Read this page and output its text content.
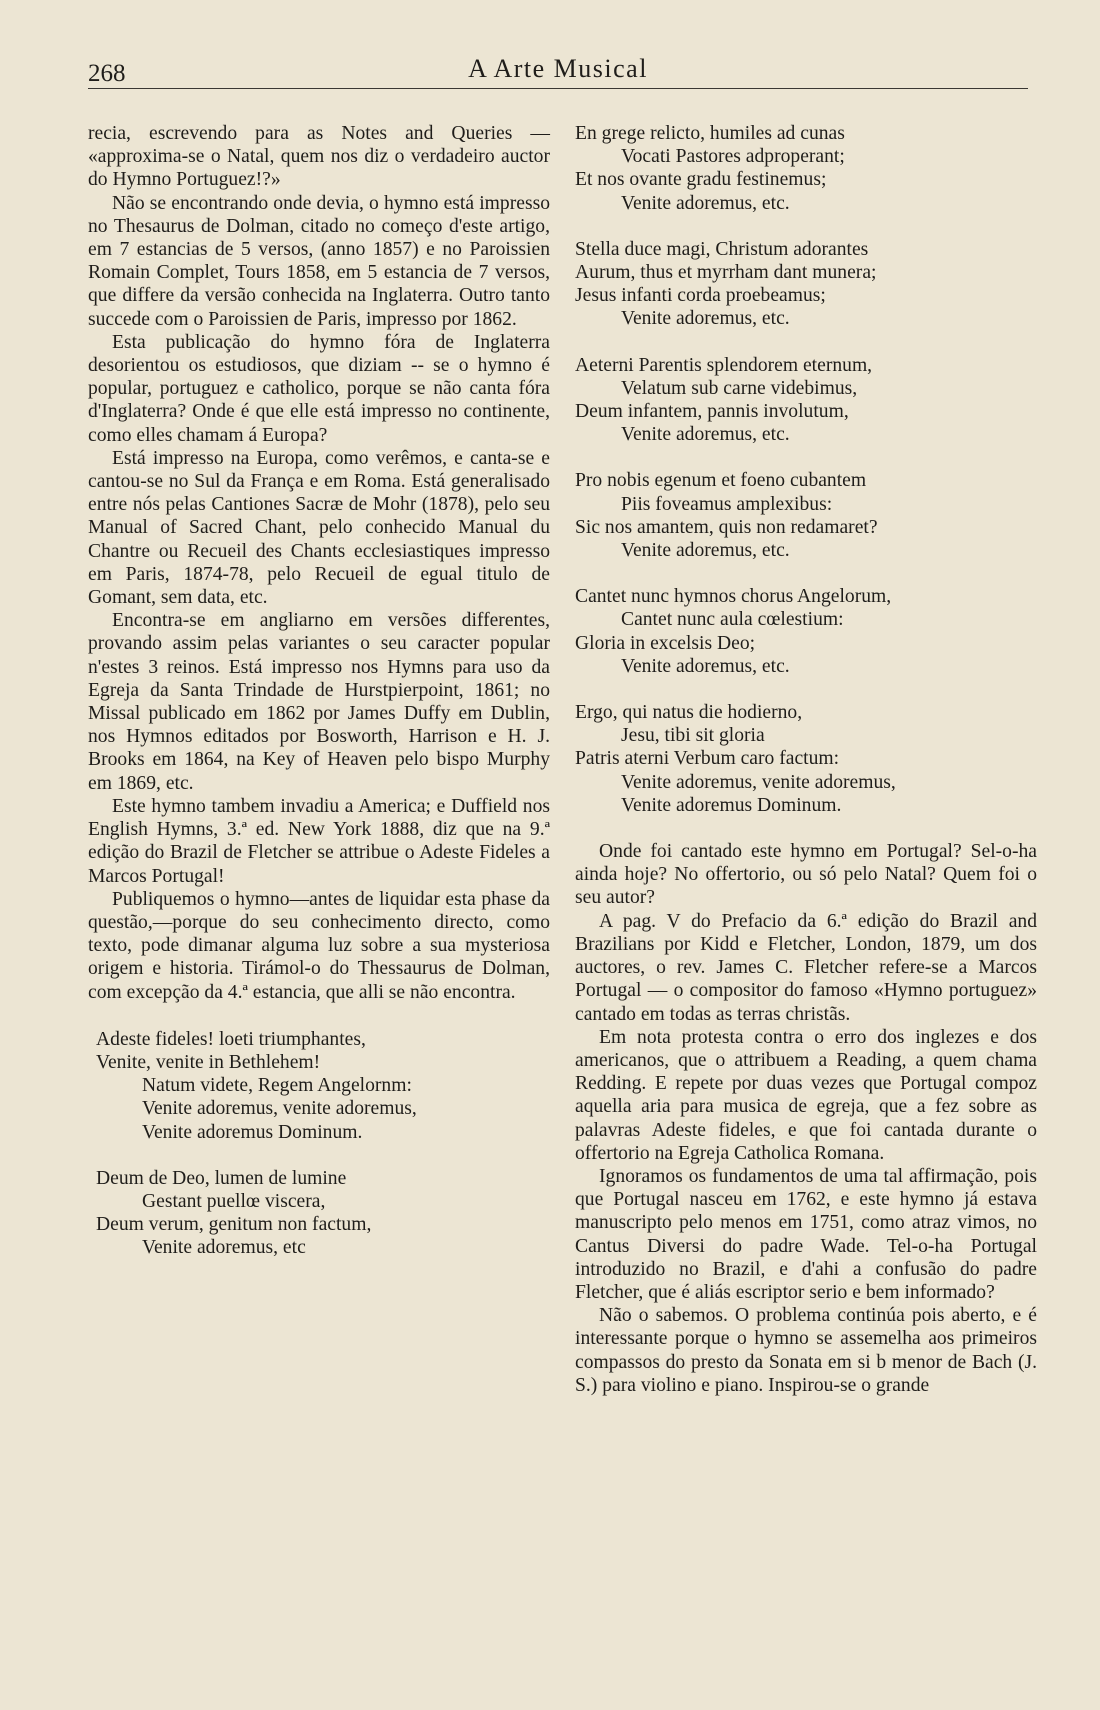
268	A Arte Musical

recia, escrevendo para as Notes and Queries — «approxima-se o Natal, quem nos diz o verdadeiro auctor do Hymno Portuguez!?»

Não se encontrando onde devia, o hymno está impresso no Thesaurus de Dolman, citado no começo d'este artigo, em 7 estancias de 5 versos, (anno 1857) e no Paroissien Romain Complet, Tours 1858, em 5 estancia de 7 versos, que differe da versão conhecida na Inglaterra. Outro tanto succede com o Paroissien de Paris, impresso por 1862.

Esta publicação do hymno fóra de Inglaterra desorientou os estudiosos, que diziam -- se o hymno é popular, portuguez e catholico, porque se não canta fóra d'Inglaterra? Onde é que elle está impresso no continente, como elles chamam á Europa?

Está impresso na Europa, como verêmos, e canta-se e cantou-se no Sul da França e em Roma. Está generalisado entre nós pelas Cantiones Sacræ de Mohr (1878), pelo seu Manual of Sacred Chant, pelo conhecido Manual du Chantre ou Recueil des Chants ecclesiastiques impresso em Paris, 1874-78, pelo Recueil de egual titulo de Gomant, sem data, etc.

Encontra-se em angliarno em versões differentes, provando assim pelas variantes o seu caracter popular n'estes 3 reinos. Está impresso nos Hymns para uso da Egreja da Santa Trindade de Hurstpierpoint, 1861; no Missal publicado em 1862 por James Duffy em Dublin, nos Hymnos editados por Bosworth, Harrison e H. J. Brooks em 1864, na Key of Heaven pelo bispo Murphy em 1869, etc.

Este hymno tambem invadiu a America; e Duffield nos English Hymns, 3.ª ed. New York 1888, diz que na 9.ª edição do Brazil de Fletcher se attribue o Adeste Fideles a Marcos Portugal!

Publiquemos o hymno—antes de liquidar esta phase da questão,—porque do seu conhecimento directo, como texto, pode dimanar alguma luz sobre a sua mysteriosa origem e historia. Tirámol-o do Thessaurus de Dolman, com excepção da 4.ª estancia, que alli se não encontra.

Adeste fideles! loeti triumphantes,
Venite, venite in Bethlehem!
Natum videte, Regem Angelornm:
Venite adoremus, venite adoremus,
Venite adoremus Dominum.
Deum de Deo, lumen de lumine
Gestant puellœ viscera,
Deum verum, genitum non factum,
Venite adoremus, etc
En grege relicto, humiles ad cunas
Vocati Pastores adproperant;
Et nos ovante gradu festinemus;
Venite adoremus, etc.
Stella duce magi, Christum adorantes
Aurum, thus et myrrham dant munera;
Jesus infanti corda proebeamus;
Venite adoremus, etc.
Aeterni Parentis splendorem eternum,
Velatum sub carne videbimus,
Deum infantem, pannis involutum,
Venite adoremus, etc.
Pro nobis egenum et foeno cubantem
Piis foveamus amplexibus:
Sic nos amantem, quis non redamaret?
Venite adoremus, etc.
Cantet nunc hymnos chorus Angelorum,
Cantet nunc aula cœlestium:
Gloria in excelsis Deo;
Venite adoremus, etc.
Ergo, qui natus die hodierno,
Jesu, tibi sit gloria
Patris aterni Verbum caro factum:
Venite adoremus, venite adoremus,
Venite adoremus Dominum.

Onde foi cantado este hymno em Portugal? Sel-o-ha ainda hoje? No offertorio, ou só pelo Natal? Quem foi o seu autor?

A pag. V do Prefacio da 6.ª edição do Brazil and Brazilians por Kidd e Fletcher, London, 1879, um dos auctores, o rev. James C. Fletcher refere-se a Marcos Portugal — o compositor do famoso «Hymno portuguez» cantado em todas as terras christãs.

Em nota protesta contra o erro dos inglezes e dos americanos, que o attribuem a Reading, a quem chama Redding. E repete por duas vezes que Portugal compoz aquella aria para musica de egreja, que a fez sobre as palavras Adeste fideles, e que foi cantada durante o offertorio na Egreja Catholica Romana.

Ignoramos os fundamentos de uma tal affirmação, pois que Portugal nasceu em 1762, e este hymno já estava manuscripto pelo menos em 1751, como atraz vimos, no Cantus Diversi do padre Wade. Tel-o-ha Portugal introduzido no Brazil, e d'ahi a confusão do padre Fletcher, que é aliás escriptor serio e bem informado?

Não o sabemos. O problema continúa pois aberto, e é interessante porque o hymno se assemelha aos primeiros compassos do presto da Sonata em si b menor de Bach (J. S.) para violino e piano. Inspirou-se o grande
